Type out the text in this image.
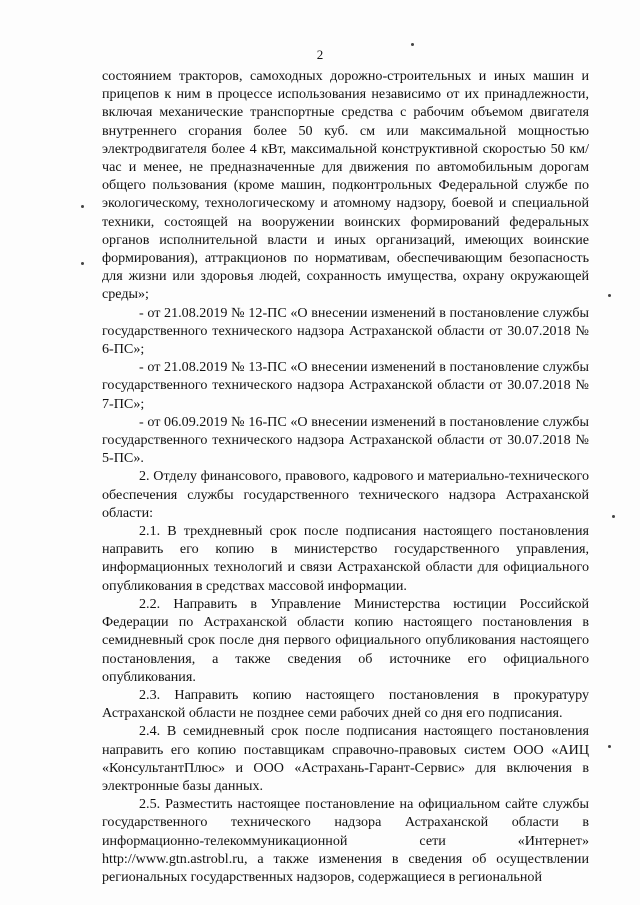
2

состоянием тракторов, самоходных дорожно-строительных и иных машин и прицепов к ним в процессе использования независимо от их принадлежности, включая механические транспортные средства с рабочим объемом двигателя внутреннего сгорания более 50 куб. см или максимальной мощностью электродвигателя более 4 кВт, максимальной конструктивной скоростью 50 км/час и менее, не предназначенные для движения по автомобильным дорогам общего пользования (кроме машин, подконтрольных Федеральной службе по экологическому, технологическому и атомному надзору, боевой и специальной техники, состоящей на вооружении воинских формирований федеральных органов исполнительной власти и иных организаций, имеющих воинские формирования), аттракционов по нормативам, обеспечивающим безопасность для жизни или здоровья людей, сохранность имущества, охрану окружающей среды»;

- от 21.08.2019 № 12-ПС «О внесении изменений в постановление службы государственного технического надзора Астраханской области от 30.07.2018 № 6-ПС»;

- от 21.08.2019 № 13-ПС «О внесении изменений в постановление службы государственного технического надзора Астраханской области от 30.07.2018 № 7-ПС»;

- от 06.09.2019 № 16-ПС «О внесении изменений в постановление службы государственного технического надзора Астраханской области от 30.07.2018 № 5-ПС».

2. Отделу финансового, правового, кадрового и материально-технического обеспечения службы государственного технического надзора Астраханской области:

2.1. В трехдневный срок после подписания настоящего постановления направить его копию в министерство государственного управления, информационных технологий и связи Астраханской области для официального опубликования в средствах массовой информации.

2.2. Направить в Управление Министерства юстиции Российской Федерации по Астраханской области копию настоящего постановления в семидневный срок после дня первого официального опубликования настоящего постановления, а также сведения об источнике его официального опубликования.

2.3. Направить копию настоящего постановления в прокуратуру Астраханской области не позднее семи рабочих дней со дня его подписания.

2.4. В семидневный срок после подписания настоящего постановления направить его копию поставщикам справочно-правовых систем ООО «АИЦ «КонсультантПлюс» и ООО «Астрахань-Гарант-Сервис» для включения в электронные базы данных.

2.5. Разместить настоящее постановление на официальном сайте службы государственного технического надзора Астраханской области в информационно-телекоммуникационной сети «Интернет» http://www.gtn.astrobl.ru, а также изменения в сведения об осуществлении региональных государственных надзоров, содержащиеся в региональной
